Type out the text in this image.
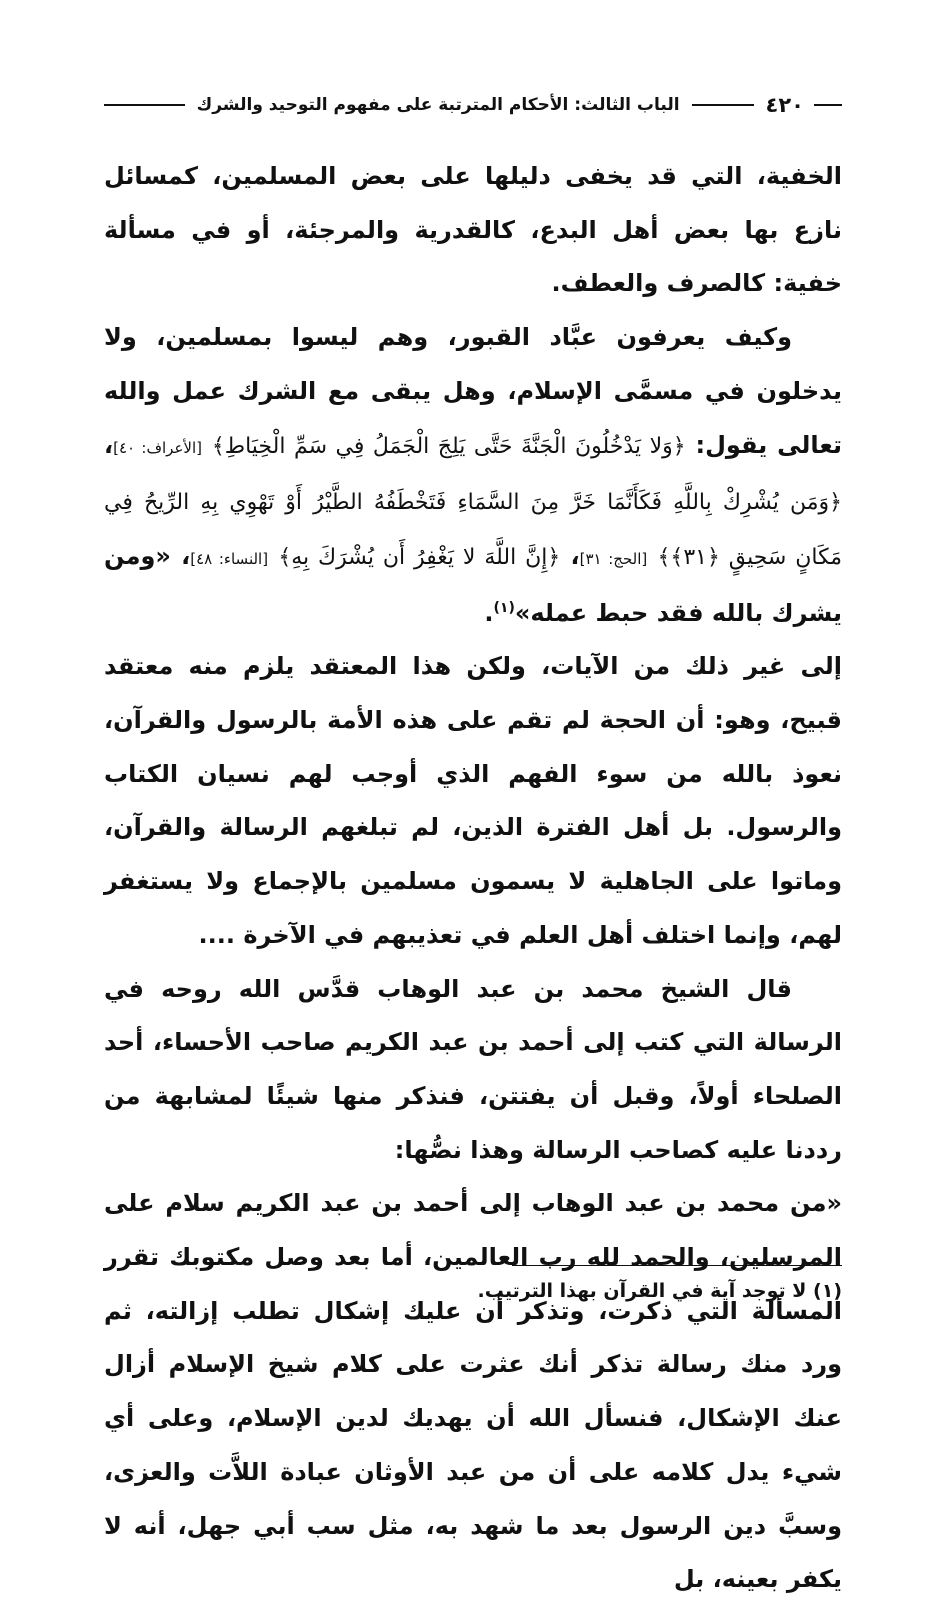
٤٢٠
الباب الثالث: الأحكام المترتبة على مفهوم التوحيد والشرك

الخفية، التي قد يخفى دليلها على بعض المسلمين، كمسائل نازع بها بعض أهل البدع، كالقدرية والمرجئة، أو في مسألة خفية: كالصرف والعطف.

وكيف يعرفون عبَّاد القبور، وهم ليسوا بمسلمين، ولا يدخلون في مسمَّى الإسلام، وهل يبقى مع الشرك عمل والله تعالى يقول: ﴿وَلا يَدْخُلُونَ الْجَنَّةَ حَتَّى يَلِجَ الْجَمَلُ فِي سَمِّ الْخِيَاطِ﴾ [الأعراف: ٤٠]، ﴿وَمَن يُشْرِكْ بِاللَّهِ فَكَأَنَّمَا خَرَّ مِنَ السَّمَاءِ فَتَخْطَفُهُ الطَّيْرُ أَوْ تَهْوِي بِهِ الرِّيحُ فِي مَكَانٍ سَحِيقٍ ﴿٣١﴾﴾ [الحج: ٣١]، ﴿إِنَّ اللَّهَ لا يَغْفِرُ أَن يُشْرَكَ بِهِ﴾ [النساء: ٤٨]، «ومن يشرك بالله فقد حبط عمله»$^{(١)}$.

إلى غير ذلك من الآيات، ولكن هذا المعتقد يلزم منه معتقد قبيح، وهو: أن الحجة لم تقم على هذه الأمة بالرسول والقرآن، نعوذ بالله من سوء الفهم الذي أوجب لهم نسيان الكتاب والرسول. بل أهل الفترة الذين، لم تبلغهم الرسالة والقرآن، وماتوا على الجاهلية لا يسمون مسلمين بالإجماع ولا يستغفر لهم، وإنما اختلف أهل العلم في تعذيبهم في الآخرة ....

قال الشيخ محمد بن عبد الوهاب قدَّس الله روحه في الرسالة التي كتب إلى أحمد بن عبد الكريم صاحب الأحساء، أحد الصلحاء أولاً، وقبل أن يفتتن، فنذكر منها شيئًا لمشابهة من رددنا عليه كصاحب الرسالة وهذا نصُّها:

«من محمد بن عبد الوهاب إلى أحمد بن عبد الكريم سلام على المرسلين، والحمد لله رب العالمين، أما بعد وصل مكتوبك تقرر المسألة التي ذكرت، وتذكر أن عليك إشكال تطلب إزالته، ثم ورد منك رسالة تذكر أنك عثرت على كلام شيخ الإسلام أزال عنك الإشكال، فنسأل الله أن يهديك لدين الإسلام، وعلى أي شيء يدل كلامه على أن من عبد الأوثان عبادة اللاَّت والعزى، وسبَّ دين الرسول بعد ما شهد به، مثل سب أبي جهل، أنه لا يكفر بعينه، بل

(١) لا توجد آية في القرآن بهذا الترتيب.
